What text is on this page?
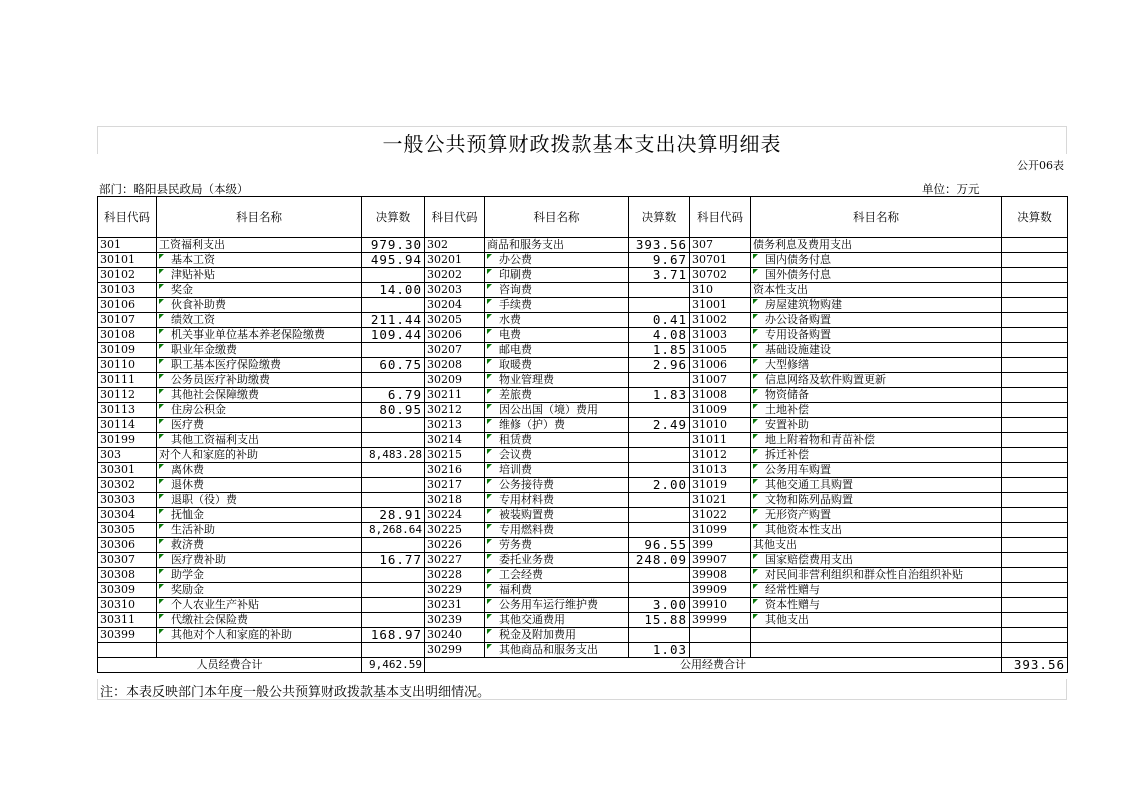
一般公共预算财政拨款基本支出决算明细表
公开06表
部门：略阳县民政局（本级）	单位：万元
科目代码	科目名称	决算数	科目代码	科目名称	决算数	科目代码	科目名称	决算数
301	工资福利支出	979.30	302	商品和服务支出	393.56	307	债务利息及费用支出	
30101	基本工资	495.94	30201	办公费	9.67	30701	国内债务付息	
30102	津贴补贴		30202	印刷费	3.71	30702	国外债务付息	
30103	奖金	14.00	30203	咨询费		310	资本性支出	
30106	伙食补助费		30204	手续费		31001	房屋建筑物购建	
30107	绩效工资	211.44	30205	水费	0.41	31002	办公设备购置	
30108	机关事业单位基本养老保险缴费	109.44	30206	电费	4.08	31003	专用设备购置	
30109	职业年金缴费		30207	邮电费	1.85	31005	基础设施建设	
30110	职工基本医疗保险缴费	60.75	30208	取暖费	2.96	31006	大型修缮	
30111	公务员医疗补助缴费		30209	物业管理费		31007	信息网络及软件购置更新	
30112	其他社会保障缴费	6.79	30211	差旅费	1.83	31008	物资储备	
30113	住房公积金	80.95	30212	因公出国（境）费用		31009	土地补偿	
30114	医疗费		30213	维修（护）费	2.49	31010	安置补助	
30199	其他工资福利支出		30214	租赁费		31011	地上附着物和青苗补偿	
303	对个人和家庭的补助	8,483.28	30215	会议费		31012	拆迁补偿	
30301	离休费		30216	培训费		31013	公务用车购置	
30302	退休费		30217	公务接待费	2.00	31019	其他交通工具购置	
30303	退职（役）费		30218	专用材料费		31021	文物和陈列品购置	
30304	抚恤金	28.91	30224	被装购置费		31022	无形资产购置	
30305	生活补助	8,268.64	30225	专用燃料费		31099	其他资本性支出	
30306	救济费		30226	劳务费	96.55	399	其他支出	
30307	医疗费补助	16.77	30227	委托业务费	248.09	39907	国家赔偿费用支出	
30308	助学金		30228	工会经费		39908	对民间非营利组织和群众性自治组织补贴	
30309	奖励金		30229	福利费		39909	经常性赠与	
30310	个人农业生产补贴		30231	公务用车运行维护费	3.00	39910	资本性赠与	
30311	代缴社会保险费		30239	其他交通费用	15.88	39999	其他支出	
30399	其他对个人和家庭的补助	168.97	30240	税金及附加费用				
			30299	其他商品和服务支出	1.03			
人员经费合计		9,462.59	公用经费合计					393.56
注：本表反映部门本年度一般公共预算财政拨款基本支出明细情况。
